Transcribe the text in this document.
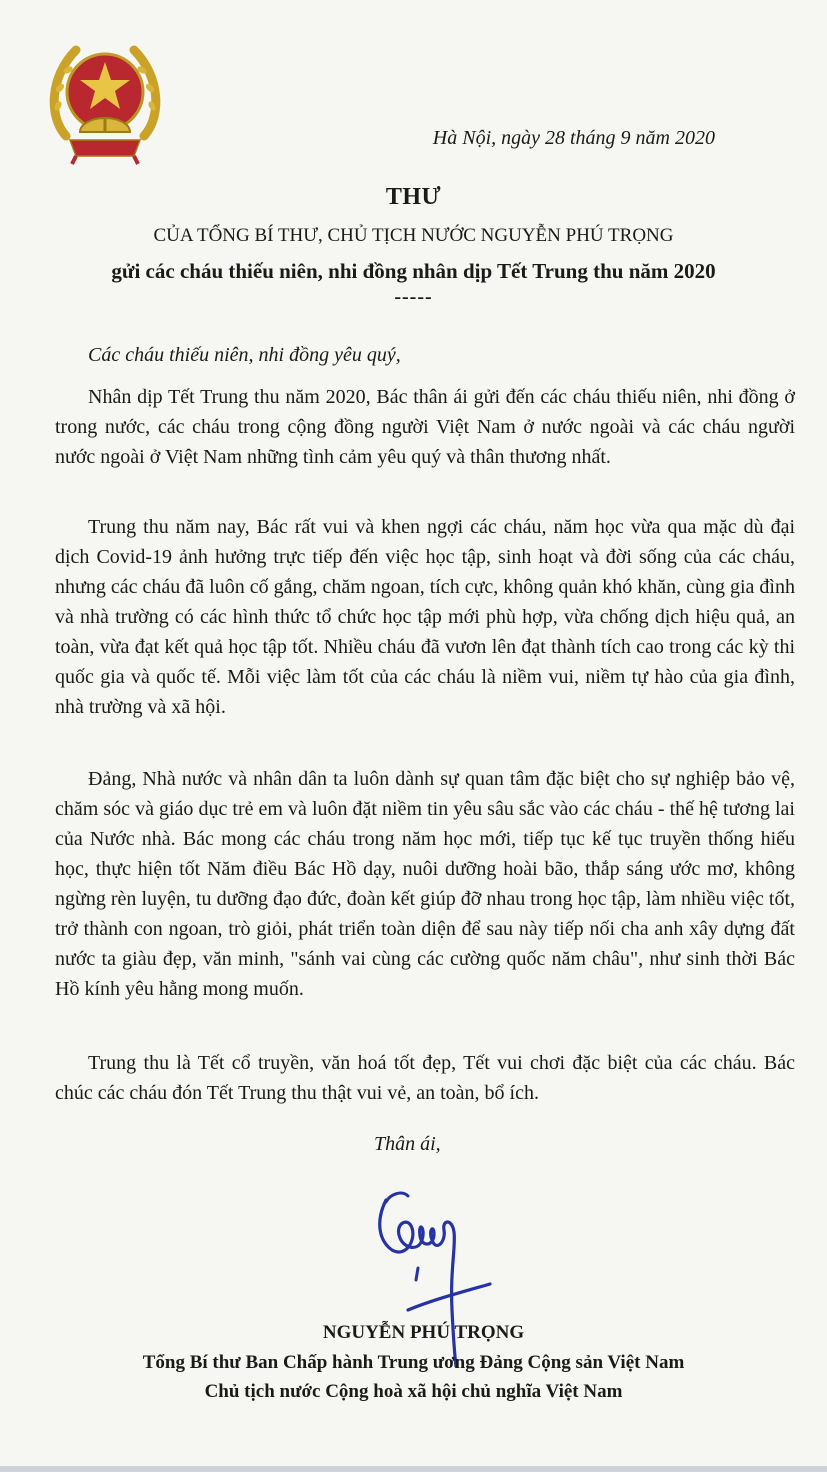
Hà Nội, ngày 28 tháng 9 năm 2020
THƯ
CỦA TỔNG BÍ THƯ, CHỦ TỊCH NƯỚC NGUYỄN PHÚ TRỌNG
gửi các cháu thiếu niên, nhi đồng nhân dịp Tết Trung thu năm 2020
-----
Các cháu thiếu niên, nhi đồng yêu quý,

Nhân dịp Tết Trung thu năm 2020, Bác thân ái gửi đến các cháu thiếu niên, nhi đồng ở trong nước, các cháu trong cộng đồng người Việt Nam ở nước ngoài và các cháu người nước ngoài ở Việt Nam những tình cảm yêu quý và thân thương nhất.

Trung thu năm nay, Bác rất vui và khen ngợi các cháu, năm học vừa qua mặc dù đại dịch Covid-19 ảnh hưởng trực tiếp đến việc học tập, sinh hoạt và đời sống của các cháu, nhưng các cháu đã luôn cố gắng, chăm ngoan, tích cực, không quản khó khăn, cùng gia đình và nhà trường có các hình thức tổ chức học tập mới phù hợp, vừa chống dịch hiệu quả, an toàn, vừa đạt kết quả học tập tốt. Nhiều cháu đã vươn lên đạt thành tích cao trong các kỳ thi quốc gia và quốc tế. Mỗi việc làm tốt của các cháu là niềm vui, niềm tự hào của gia đình, nhà trường và xã hội.

Đảng, Nhà nước và nhân dân ta luôn dành sự quan tâm đặc biệt cho sự nghiệp bảo vệ, chăm sóc và giáo dục trẻ em và luôn đặt niềm tin yêu sâu sắc vào các cháu - thế hệ tương lai của Nước nhà. Bác mong các cháu trong năm học mới, tiếp tục kế tục truyền thống hiếu học, thực hiện tốt Năm điều Bác Hồ dạy, nuôi dưỡng hoài bão, thắp sáng ước mơ, không ngừng rèn luyện, tu dưỡng đạo đức, đoàn kết giúp đỡ nhau trong học tập, làm nhiều việc tốt, trở thành con ngoan, trò giỏi, phát triển toàn diện để sau này tiếp nối cha anh xây dựng đất nước ta giàu đẹp, văn minh, "sánh vai cùng các cường quốc năm châu", như sinh thời Bác Hồ kính yêu hằng mong muốn.

Trung thu là Tết cổ truyền, văn hoá tốt đẹp, Tết vui chơi đặc biệt của các cháu. Bác chúc các cháu đón Tết Trung thu thật vui vẻ, an toàn, bổ ích.

Thân ái,
NGUYỄN PHÚ TRỌNG
Tổng Bí thư Ban Chấp hành Trung ương Đảng Cộng sản Việt Nam
Chủ tịch nước Cộng hoà xã hội chủ nghĩa Việt Nam
